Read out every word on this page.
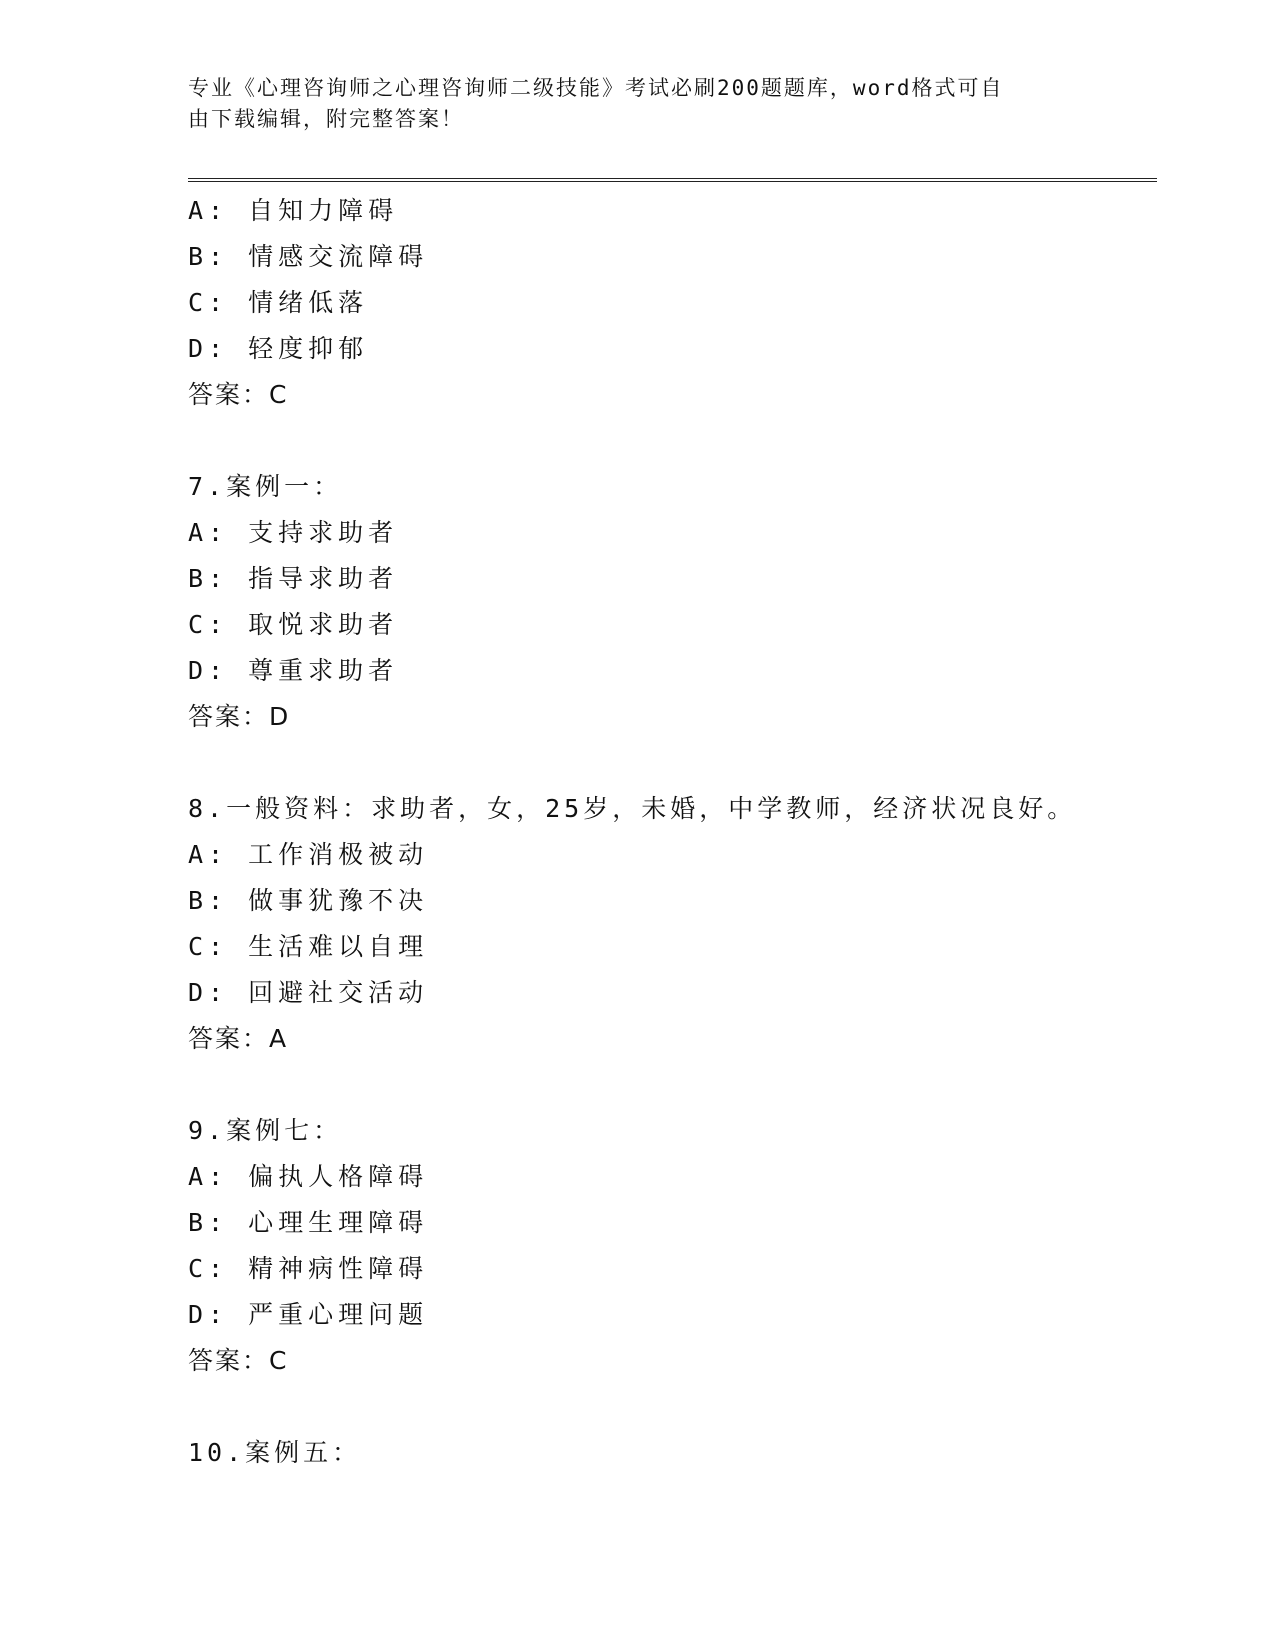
专业《心理咨询师之心理咨询师二级技能》考试必刷200题题库，word格式可自
由下载编辑，附完整答案！
A: 自知力障碍
B: 情感交流障碍
C: 情绪低落
D: 轻度抑郁
答案：C
7.案例一：
A: 支持求助者
B: 指导求助者
C: 取悦求助者
D: 尊重求助者
答案：D
8.一般资料：求助者，女，25岁，未婚，中学教师，经济状况良好。
A: 工作消极被动
B: 做事犹豫不决
C: 生活难以自理
D: 回避社交活动
答案：A
9.案例七：
A: 偏执人格障碍
B: 心理生理障碍
C: 精神病性障碍
D: 严重心理问题
答案：C
10.案例五：
